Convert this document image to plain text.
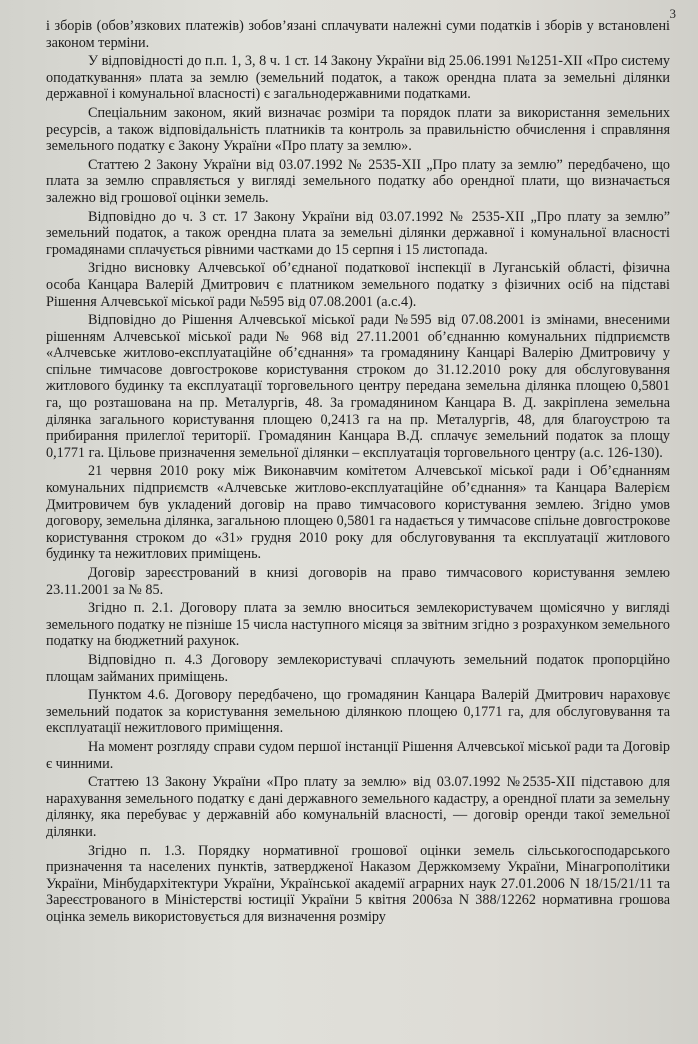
3

і зборів (обов’язкових платежів) зобов’язані сплачувати належні суми податків і зборів у встановлені законом терміни.

У відповідності до п.п. 1, 3, 8 ч. 1 ст. 14 Закону України від 25.06.1991 №1251-ХІІ «Про систему оподаткування» плата за землю (земельний податок, а також орендна плата за земельні ділянки державної і комунальної власності) є загальнодержавними податками.

Спеціальним законом, який визначає розміри та порядок плати за використання земельних ресурсів, а також відповідальність платників та контроль за правильністю обчислення і справляння земельного податку є Закону України «Про плату за землю».

Статтею 2 Закону України від 03.07.1992 № 2535-ХІІ „Про плату за землю” передбачено, що плата за землю справляється у вигляді земельного податку або орендної плати, що визначається залежно від грошової оцінки земель.

Відповідно до ч. 3 ст. 17 Закону України від 03.07.1992 № 2535-ХІІ „Про плату за землю” земельний податок, а також орендна плата за земельні ділянки державної і комунальної власності громадянами сплачується рівними частками до 15 серпня і 15 листопада.

Згідно висновку Алчевської об’єднаної податкової інспекції в Луганській області, фізична особа Канцара Валерій Дмитрович є платником земельного податку з фізичних осіб на підставі Рішення Алчевської міської ради №595 від 07.08.2001 (а.с.4).

Відповідно до Рішення Алчевської міської ради №595 від 07.08.2001 із змінами, внесеними рішенням Алчевської міської ради № 968 від 27.11.2001 об’єднанню комунальних підприємств «Алчевське житлово-експлуатаційне об’єднання» та громадянину Канцарі Валерію Дмитровичу у спільне тимчасове довгострокове користування строком до 31.12.2010 року для обслуговування житлового будинку та експлуатації торговельного центру передана земельна ділянка площею 0,5801 га, що розташована на пр. Металургів, 48. За громадянином Канцара В. Д. закріплена земельна ділянка загального користування площею 0,2413 га на пр. Металургів, 48, для благоустрою та прибирання прилеглої території. Громадянин Канцара В.Д. сплачує земельний податок за площу 0,1771 га. Цільове призначення земельної ділянки – експлуатація торговельного центру (а.с. 126-130).

21 червня 2010 року між Виконавчим комітетом Алчевської міської ради і Об’єднанням комунальних підприємств «Алчевське житлово-експлуатаційне об’єднання» та Канцара Валерієм Дмитровичем був укладений договір на право тимчасового користування землею. Згідно умов договору, земельна ділянка, загальною площею 0,5801 га надається у тимчасове спільне довгострокове користування строком до «31» грудня 2010 року для обслуговування та експлуатації житлового будинку та нежитлових приміщень.

Договір зареєстрований в книзі договорів на право тимчасового користування землею 23.11.2001 за № 85.

Згідно п. 2.1. Договору плата за землю вноситься землекористувачем щомісячно у вигляді земельного податку не пізніше 15 числа наступного місяця за звітним згідно з розрахунком земельного податку на бюджетний рахунок.

Відповідно п. 4.3 Договору землекористувачі сплачують земельний податок пропорційно площам займаних приміщень.

Пунктом 4.6. Договору передбачено, що громадянин Канцара Валерій Дмитрович нараховує земельний податок за користування земельною ділянкою площею 0,1771 га, для обслуговування та експлуатації нежитлового приміщення.

На момент розгляду справи судом першої інстанції Рішення Алчевської міської ради та Договір є чинними.

Статтею 13 Закону України «Про плату за землю» від 03.07.1992 №2535-ХІІ підставою для нарахування земельного податку є дані державного земельного кадастру, а орендної плати за земельну ділянку, яка перебуває у державній або комунальній власності, — договір оренди такої земельної ділянки.

Згідно п. 1.3. Порядку нормативної грошової оцінки земель сільськогосподарського призначення та населених пунктів, затвердженої Наказом Держкомзему України, Мінагрополітики України, Мінбудархітектури України, Української академії аграрних наук 27.01.2006 N 18/15/21/11 та Зареєстрованого в Міністерстві юстиції України 5 квітня 2006за N 388/12262 нормативна грошова оцінка земель використовується для визначення розміру
